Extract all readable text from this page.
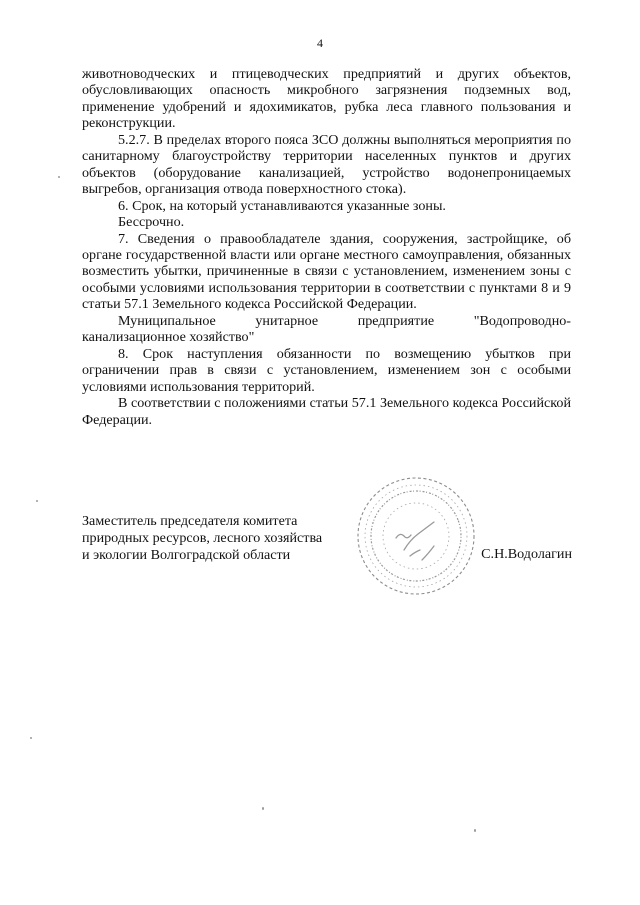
4

животноводческих и птицеводческих предприятий и других объектов, обусловливающих опасность микробного загрязнения подземных вод, применение удобрений и ядохимикатов, рубка леса главного пользования и реконструкции.

5.2.7. В пределах второго пояса ЗСО должны выполняться мероприятия по санитарному благоустройству территории населенных пунктов и других объектов (оборудование канализацией, устройство водонепроницаемых выгребов, организация отвода поверхностного стока).

6. Срок, на который устанавливаются указанные зоны.

Бессрочно.

7. Сведения о правообладателе здания, сооружения, застройщике, об органе государственной власти или органе местного самоуправления, обязанных возместить убытки, причиненные в связи с установлением, изменением зоны с особыми условиями использования территории в соответствии с пунктами 8 и 9 статьи 57.1 Земельного кодекса Российской Федерации.

Муниципальное	унитарное	предприятие	"Водопроводно-

канализационное хозяйство"

8. Срок наступления обязанности по возмещению убытков при ограничении прав в связи с установлением, изменением зон с особыми условиями использования территорий.

В соответствии с положениями статьи 57.1 Земельного кодекса Российской Федерации.

Заместитель председателя комитета
природных ресурсов, лесного хозяйства
и экологии Волгоградской области	С.Н.Водолагин
